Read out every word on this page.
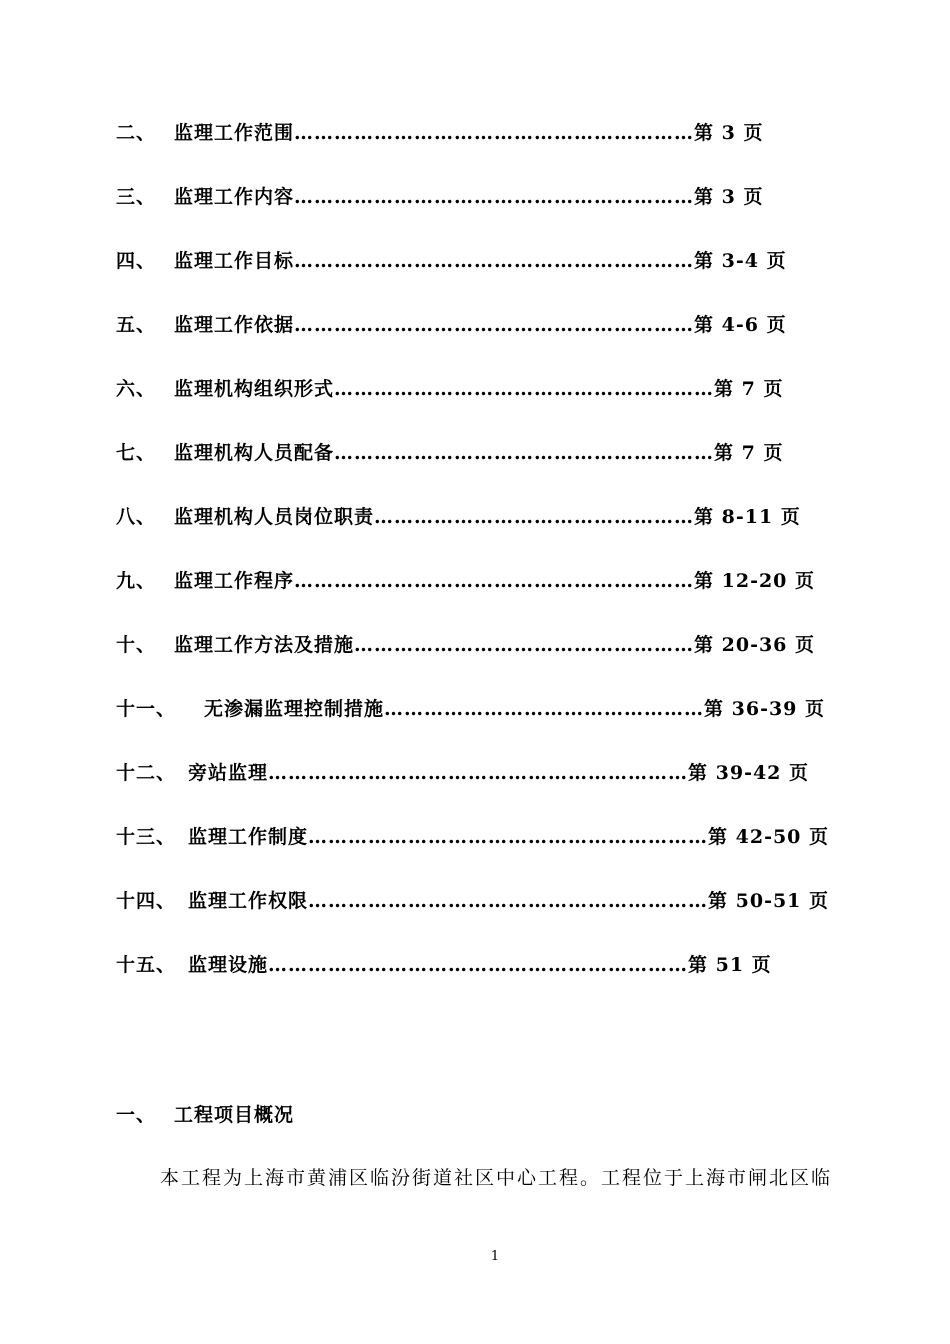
二、 监理工作范围……………………………………………………第 3 页
三、 监理工作内容……………………………………………………第 3 页
四、 监理工作目标……………………………………………………第 3-4 页
五、 监理工作依据……………………………………………………第 4-6 页
六、 监理机构组织形式…………………………………………………第 7 页
七、 监理机构人员配备…………………………………………………第 7 页
八、 监理机构人员岗位职责…………………………………………第 8-11 页
九、 监理工作程序……………………………………………………第 12-20 页
十、 监理工作方法及措施……………………………………………第 20-36 页
十一、 无渗漏监理控制措施…………………………………………第 36-39 页
十二、 旁站监理………………………………………………………第 39-42 页
十三、 监理工作制度……………………………………………………第 42-50 页
十四、 监理工作权限……………………………………………………第 50-51 页
十五、 监理设施………………………………………………………第 51 页
一、 工程项目概况
本工程为上海市黄浦区临汾街道社区中心工程。工程位于上海市闸北区临
1
